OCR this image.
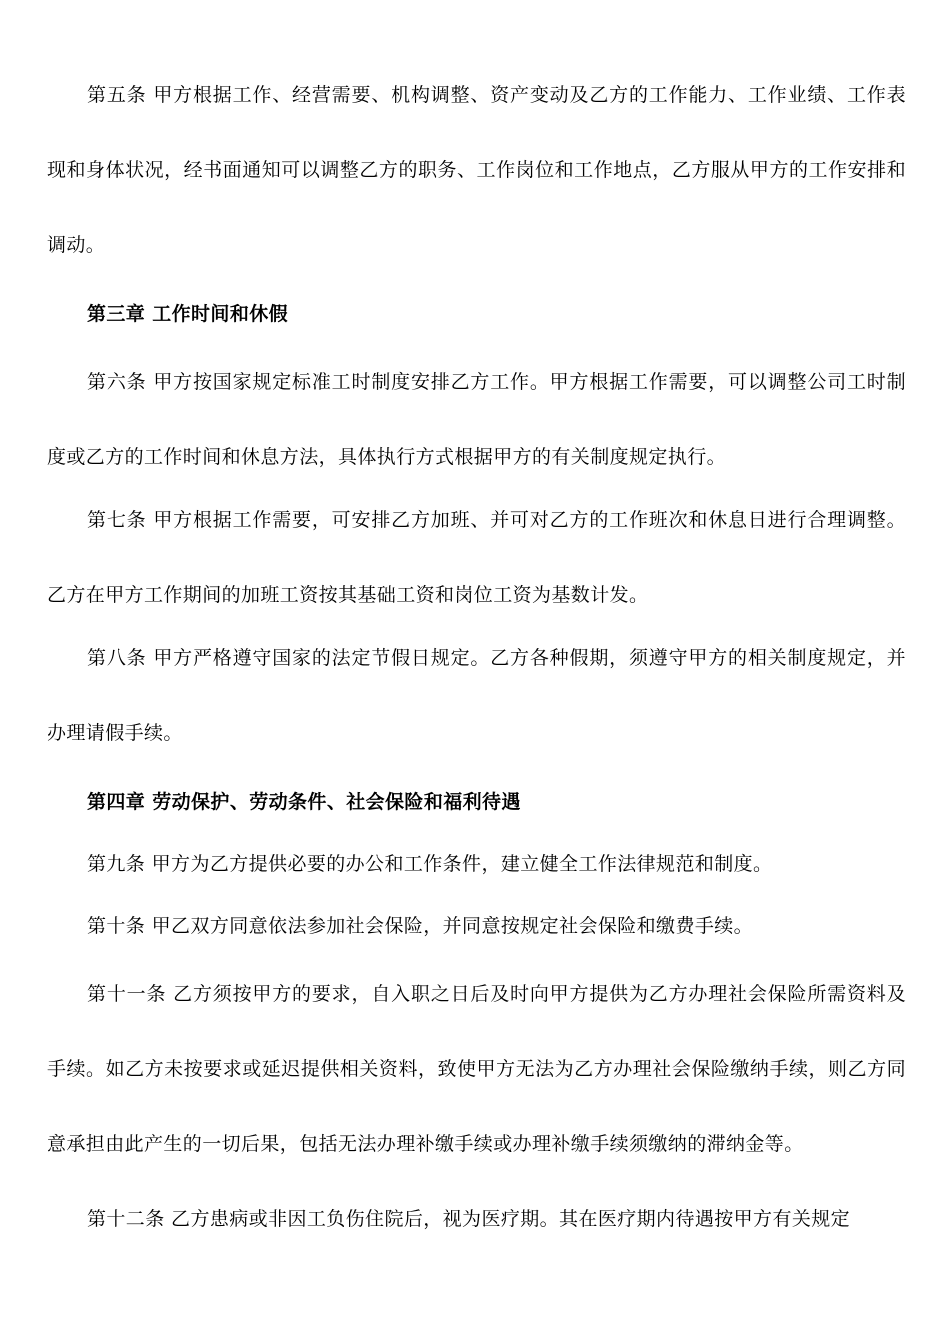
第五条 甲方根据工作、经营需要、机构调整、资产变动及乙方的工作能力、工作业绩、工作表现和身体状况，经书面通知可以调整乙方的职务、工作岗位和工作地点，乙方服从甲方的工作安排和调动。

第三章 工作时间和休假

第六条 甲方按国家规定标准工时制度安排乙方工作。甲方根据工作需要，可以调整公司工时制度或乙方的工作时间和休息方法，具体执行方式根据甲方的有关制度规定执行。

第七条 甲方根据工作需要，可安排乙方加班、并可对乙方的工作班次和休息日进行合理调整。乙方在甲方工作期间的加班工资按其基础工资和岗位工资为基数计发。

第八条 甲方严格遵守国家的法定节假日规定。乙方各种假期，须遵守甲方的相关制度规定，并办理请假手续。

第四章 劳动保护、劳动条件、社会保险和福利待遇

第九条 甲方为乙方提供必要的办公和工作条件，建立健全工作法律规范和制度。

第十条 甲乙双方同意依法参加社会保险，并同意按规定社会保险和缴费手续。

第十一条 乙方须按甲方的要求，自入职之日后及时向甲方提供为乙方办理社会保险所需资料及手续。如乙方未按要求或延迟提供相关资料，致使甲方无法为乙方办理社会保险缴纳手续，则乙方同意承担由此产生的一切后果，包括无法办理补缴手续或办理补缴手续须缴纳的滞纳金等。

第十二条 乙方患病或非因工负伤住院后，视为医疗期。其在医疗期内待遇按甲方有关规定
